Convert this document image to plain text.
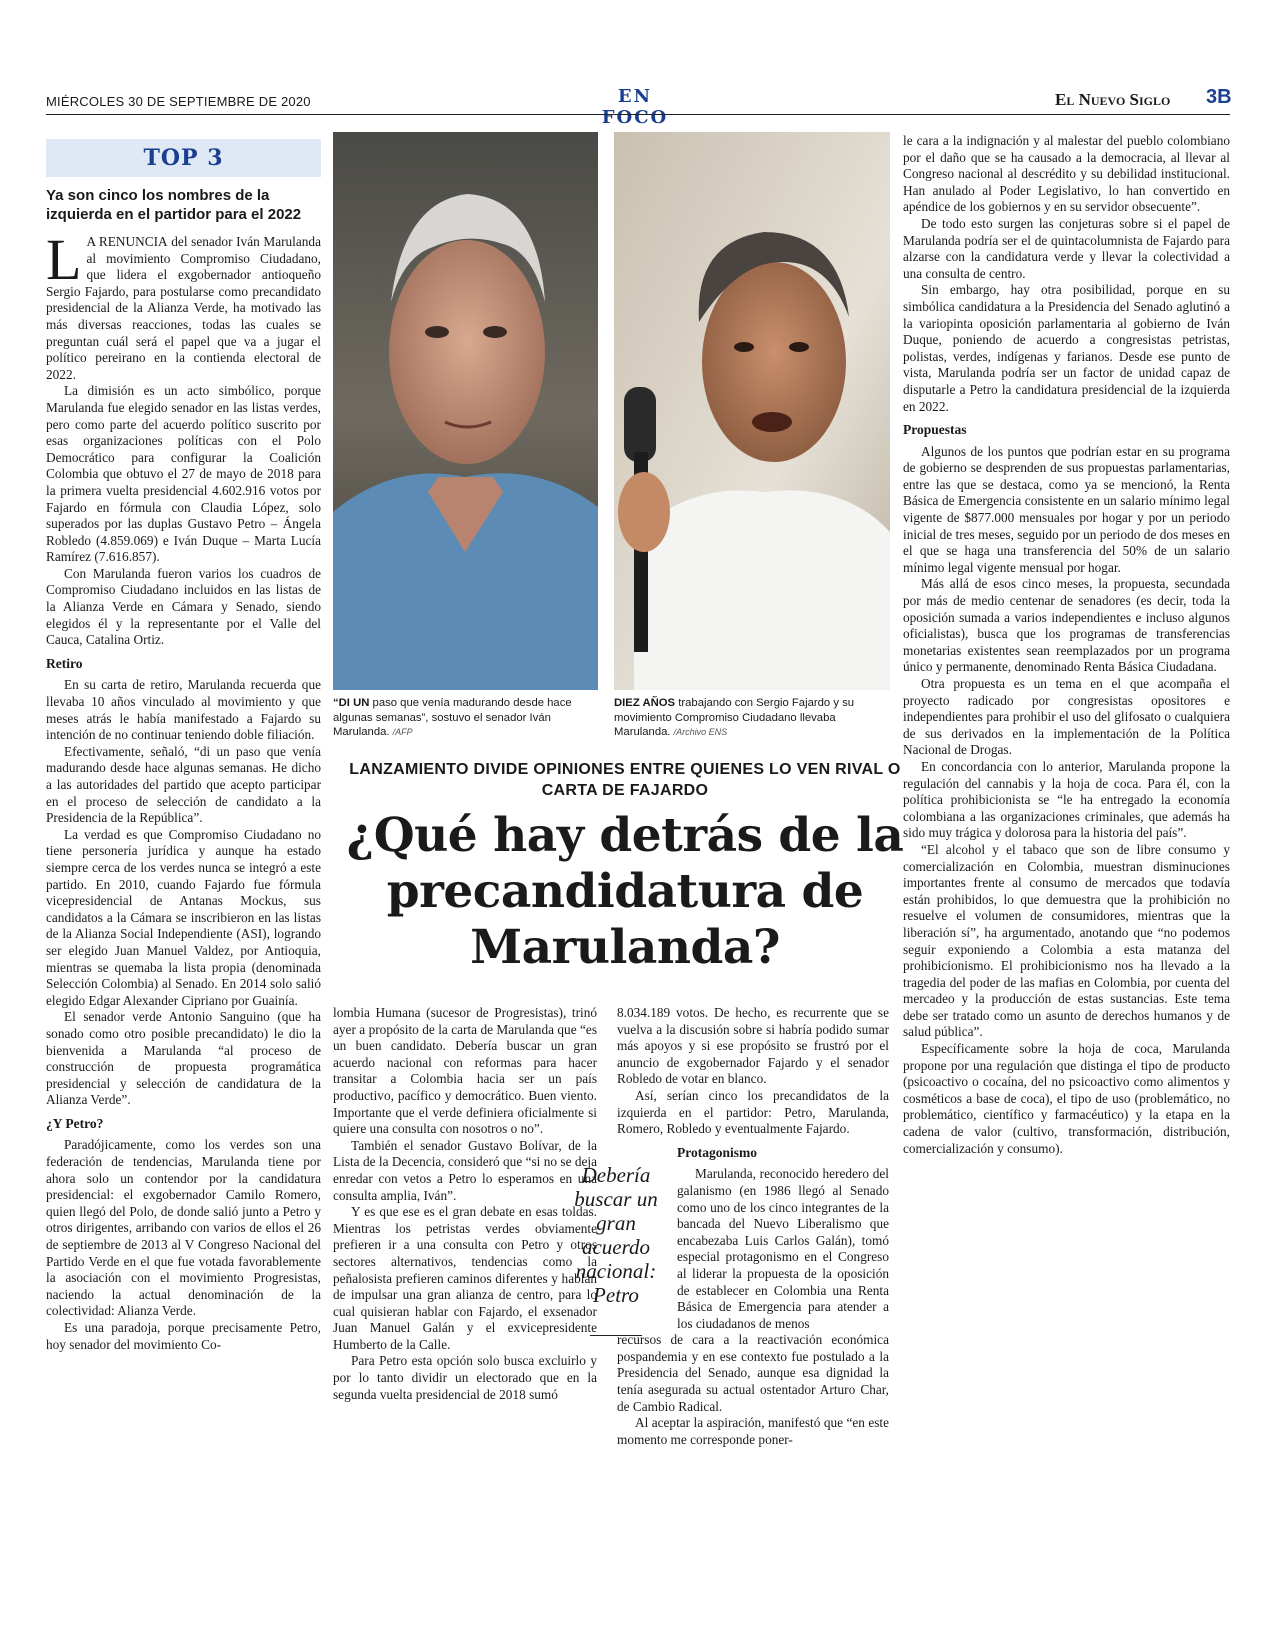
MIÉRCOLES 30 DE SEPTIEMBRE DE 2020	EN FOCO
El Nuevo Siglo 3B
TOP 3
Ya son cinco los nombres de la izquierda en el partidor para el 2022

L A RENUNCIA del senador Iván Marulanda al movimiento Compromiso Ciudadano, que lidera el exgobernador antioqueño Sergio Fajardo, para postularse como precandidato presidencial de la Alianza Verde, ha motivado las más diversas reacciones, todas las cuales se preguntan cuál será el papel que va a jugar el político pereirano en la contienda electoral de 2022.

La dimisión es un acto simbólico, porque Marulanda fue elegido senador en las listas verdes, pero como parte del acuerdo político suscrito por esas organizaciones políticas con el Polo Democrático para configurar la Coalición Colombia que obtuvo el 27 de mayo de 2018 para la primera vuelta presidencial 4.602.916 votos por Fajardo en fórmula con Claudia López, solo superados por las duplas Gustavo Petro – Ángela Robledo (4.859.069) e Iván Duque – Marta Lucía Ramírez (7.616.857).

Con Marulanda fueron varios los cuadros de Compromiso Ciudadano incluidos en las listas de la Alianza Verde en Cámara y Senado, siendo elegidos él y la representante por el Valle del Cauca, Catalina Ortiz.

Retiro

En su carta de retiro, Marulanda recuerda que llevaba 10 años vinculado al movimiento y que meses atrás le había manifestado a Fajardo su intención de no continuar teniendo doble filiación.

Efectivamente, señaló, “di un paso que venía madurando desde hace algunas semanas. He dicho a las autoridades del partido que acepto participar en el proceso de selección de candidato a la Presidencia de la República”.

La verdad es que Compromiso Ciudadano no tiene personería jurídica y aunque ha estado siempre cerca de los verdes nunca se integró a este partido. En 2010, cuando Fajardo fue fórmula vicepresidencial de Antanas Mockus, sus candidatos a la Cámara se inscribieron en las listas de la Alianza Social Independiente (ASI), logrando ser elegido Juan Manuel Valdez, por Antioquia, mientras se quemaba la lista propia (denominada Selección Colombia) al Senado. En 2014 solo salió elegido Edgar Alexander Cipriano por Guainía.

El senador verde Antonio Sanguino (que ha sonado como otro posible precandidato) le dio la bienvenida a Marulanda “al proceso de construcción de propuesta programática presidencial y selección de candidatura de la Alianza Verde”.

¿Y Petro?

Paradójicamente, como los verdes son una federación de tendencias, Marulanda tiene por ahora solo un contendor por la candidatura presidencial: el exgobernador Camilo Romero, quien llegó del Polo, de donde salió junto a Petro y otros dirigentes, arribando con varios de ellos el 26 de septiembre de 2013 al V Congreso Nacional del Partido Verde en el que fue votada favorablemente la asociación con el movimiento Progresistas, naciendo la actual denominación de la colectividad: Alianza Verde.

Es una paradoja, porque precisamente Petro, hoy senador del movimiento Co-

“DI UN paso que venía madurando desde hace algunas semanas”, sostuvo el senador Iván Marulanda. /AFP
DIEZ AÑOS trabajando con Sergio Fajardo y su movimiento Compromiso Ciudadano llevaba Marulanda. /Archivo ENS
LANZAMIENTO DIVIDE OPINIONES ENTRE QUIENES LO VEN RIVAL O CARTA DE FAJARDO
¿Qué hay detrás de la precandidatura de Marulanda?

lombia Humana (sucesor de Progresistas), trinó ayer a propósito de la carta de Marulanda que “es un buen candidato. Debería buscar un gran acuerdo nacional con reformas para hacer transitar a Colombia hacia ser un país productivo, pacífico y democrático. Buen viento. Importante que el verde definiera oficialmente si quiere una consulta con nosotros o no”.

También el senador Gustavo Bolívar, de la Lista de la Decencia, consideró que “si no se deja enredar con vetos a Petro lo esperamos en una consulta amplia, Iván”.

Y es que ese es el gran debate en esas toldas. Mientras los petristas verdes obviamente prefieren ir a una consulta con Petro y otros sectores alternativos, tendencias como la peñalosista prefieren caminos diferentes y hablan de impulsar una gran alianza de centro, para lo cual quisieran hablar con Fajardo, el exsenador Juan Manuel Galán y el exvicepresidente Humberto de la Calle.

Para Petro esta opción solo busca excluirlo y por lo tanto dividir un electorado que en la segunda vuelta presidencial de 2018 sumó

Debería buscar un gran acuerdo nacional: Petro

8.034.189 votos. De hecho, es recurrente que se vuelva a la discusión sobre si habría podido sumar más apoyos y si ese propósito se frustró por el anuncio de exgobernador Fajardo y el senador Robledo de votar en blanco.

Así, serían cinco los precandidatos de la izquierda en el partidor: Petro, Marulanda, Romero, Robledo y eventualmente Fajardo.

Protagonismo

Marulanda, reconocido heredero del galanismo (en 1986 llegó al Senado como uno de los cinco integrantes de la bancada del Nuevo Liberalismo que encabezaba Luis Carlos Galán), tomó especial protagonismo en el Congreso al liderar la propuesta de la oposición de establecer en Colombia una Renta Básica de Emergencia para atender a los ciudadanos de menos

recursos de cara a la reactivación económica pospandemia y en ese contexto fue postulado a la Presidencia del Senado, aunque esa dignidad la tenía asegurada su actual ostentador Arturo Char, de Cambio Radical.

Al aceptar la aspiración, manifestó que “en este momento me corresponde poner-

le cara a la indignación y al malestar del pueblo colombiano por el daño que se ha causado a la democracia, al llevar al Congreso nacional al descrédito y su debilidad institucional. Han anulado al Poder Legislativo, lo han convertido en apéndice de los gobiernos y en su servidor obsecuente”.

De todo esto surgen las conjeturas sobre si el papel de Marulanda podría ser el de quintacolumnista de Fajardo para alzarse con la candidatura verde y llevar la colectividad a una consulta de centro.

Sin embargo, hay otra posibilidad, porque en su simbólica candidatura a la Presidencia del Senado aglutinó a la variopinta oposición parlamentaria al gobierno de Iván Duque, poniendo de acuerdo a congresistas petristas, polistas, verdes, indígenas y farianos. Desde ese punto de vista, Marulanda podría ser un factor de unidad capaz de disputarle a Petro la candidatura presidencial de la izquierda en 2022.

Propuestas

Algunos de los puntos que podrían estar en su programa de gobierno se desprenden de sus propuestas parlamentarias, entre las que se destaca, como ya se mencionó, la Renta Básica de Emergencia consistente en un salario mínimo legal vigente de $877.000 mensuales por hogar y por un periodo inicial de tres meses, seguido por un periodo de dos meses en el que se haga una transferencia del 50% de un salario mínimo legal vigente mensual por hogar.

Más allá de esos cinco meses, la propuesta, secundada por más de medio centenar de senadores (es decir, toda la oposición sumada a varios independientes e incluso algunos oficialistas), busca que los programas de transferencias monetarias existentes sean reemplazados por un programa único y permanente, denominado Renta Básica Ciudadana.

Otra propuesta es un tema en el que acompaña el proyecto radicado por congresistas opositores e independientes para prohibir el uso del glifosato o cualquiera de sus derivados en la implementación de la Política Nacional de Drogas.

En concordancia con lo anterior, Marulanda propone la regulación del cannabis y la hoja de coca. Para él, con la política prohibicionista se “le ha entregado la economía colombiana a las organizaciones criminales, que además ha sido muy trágica y dolorosa para la historia del país”.

“El alcohol y el tabaco que son de libre consumo y comercialización en Colombia, muestran disminuciones importantes frente al consumo de mercados que todavía están prohibidos, lo que demuestra que la prohibición no resuelve el volumen de consumidores, mientras que la liberación sí”, ha argumentado, anotando que “no podemos seguir exponiendo a Colombia a esta matanza del prohibicionismo. El prohibicionismo nos ha llevado a la tragedia del poder de las mafias en Colombia, por cuenta del mercadeo y la producción de estas sustancias. Este tema debe ser tratado como un asunto de derechos humanos y de salud pública”.

Específicamente sobre la hoja de coca, Marulanda propone por una regulación que distinga el tipo de producto (psicoactivo o cocaína, del no psicoactivo como alimentos y cosméticos a base de coca), el tipo de uso (problemático, no problemático, científico y farmacéutico) y la etapa en la cadena de valor (cultivo, transformación, distribución, comercialización y consumo).
